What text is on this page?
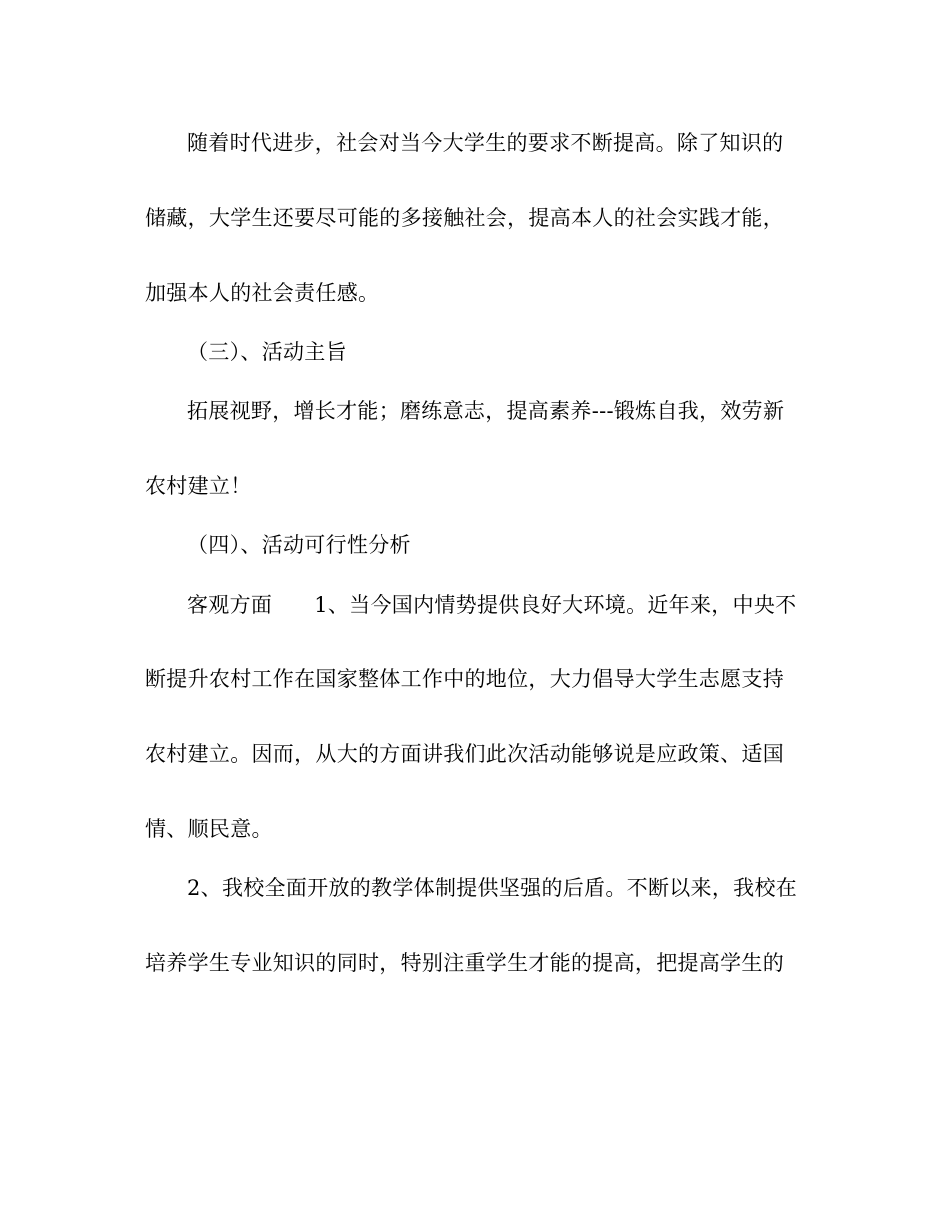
随着时代进步，社会对当今大学生的要求不断提高。除了知识的
储藏，大学生还要尽可能的多接触社会，提高本人的社会实践才能，
加强本人的社会责任感。
（三）、活动主旨
拓展视野，增长才能；磨练意志，提高素养---锻炼自我，效劳新
农村建立！
（四）、活动可行性分析
客观方面 1、当今国内情势提供良好大环境。近年来，中央不
断提升农村工作在国家整体工作中的地位，大力倡导大学生志愿支持
农村建立。因而，从大的方面讲我们此次活动能够说是应政策、适国
情、顺民意。
2、我校全面开放的教学体制提供坚强的后盾。不断以来，我校在
培养学生专业知识的同时，特别注重学生才能的提高，把提高学生的
